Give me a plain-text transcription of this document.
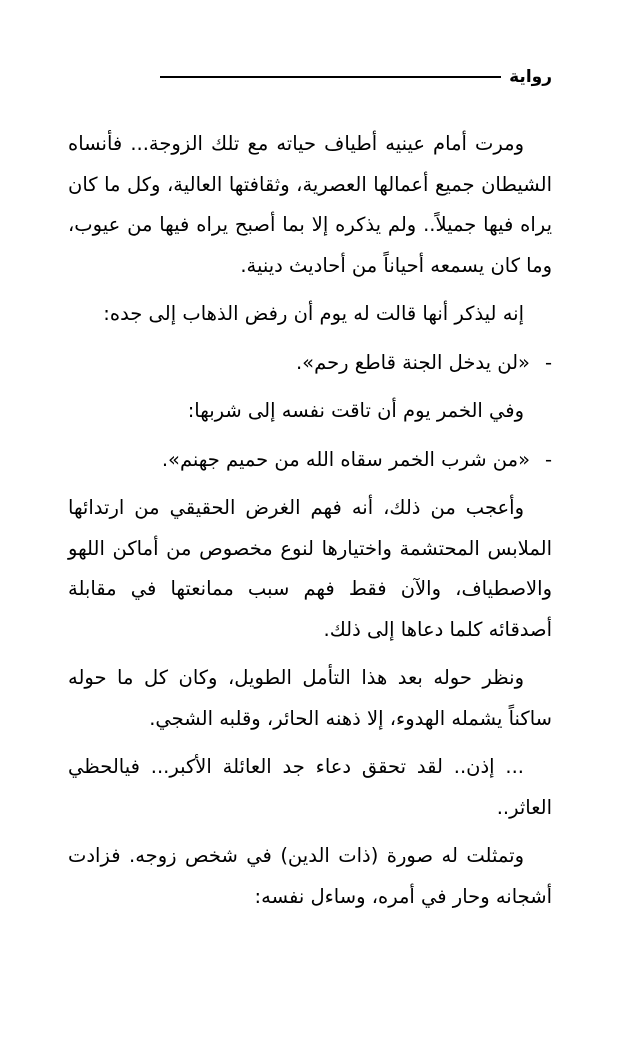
رواية

ومرت أمام عينيه أطياف حياته مع تلك الزوجة... فأنساه الشيطان جميع أعمالها العصرية، وثقافتها العالية، وكل ما كان يراه فيها جميلاً.. ولم يذكره إلا بما أصبح يراه فيها من عيوب، وما كان يسمعه أحياناً من أحاديث دينية.

إنه ليذكر أنها قالت له يوم أن رفض الذهاب إلى جده:

-
«لن يدخل الجنة قاطع رحم».

وفي الخمر يوم أن تاقت نفسه إلى شربها:

-
«من شرب الخمر سقاه الله من حميم جهنم».

وأعجب من ذلك، أنه فهم الغرض الحقيقي من ارتدائها الملابس المحتشمة واختيارها لنوع مخصوص من أماكن اللهو والاصطياف، والآن فقط فهم سبب ممانعتها في مقابلة أصدقائه كلما دعاها إلى ذلك.

ونظر حوله بعد هذا التأمل الطويل، وكان كل ما حوله ساكناً يشمله الهدوء، إلا ذهنه الحائر، وقلبه الشجي.

... إذن.. لقد تحقق دعاء جد العائلة الأكبر... فيالحظي العاثر..

وتمثلت له صورة (ذات الدين) في شخص زوجه. فزادت أشجانه وحار في أمره، وساءل نفسه:
